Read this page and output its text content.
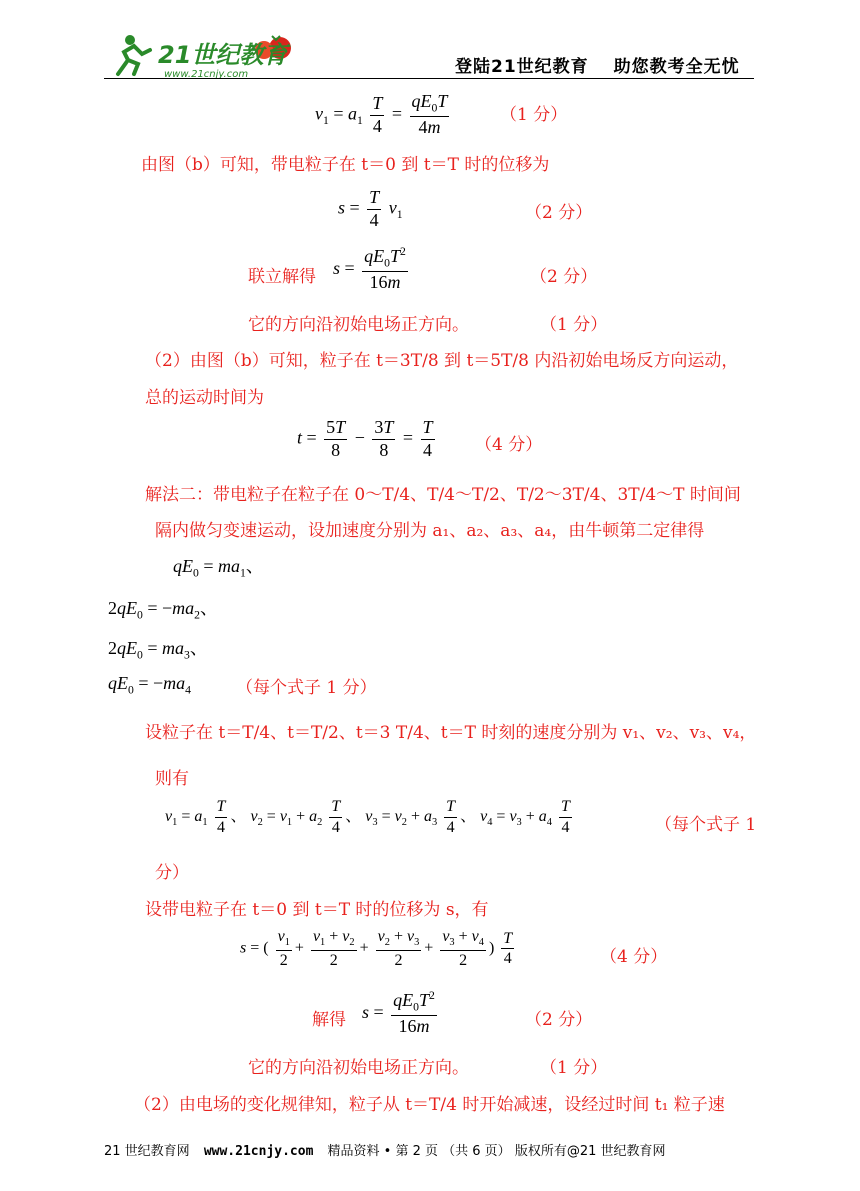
21世纪教育
www.21cnjy.com	登陆21世纪教育　 助您教考全无忧
$v_1 = a_1 \frac{T}{4} = \frac{qE_0T}{4m}$	（1 分）
由图（b）可知，带电粒子在 t＝0 到 t＝T 时的位移为
$s = \frac{T}{4} v_1$	（2 分）
联立解得 $s = \frac{qE_0T^2}{16m}$	（2 分）
它的方向沿初始电场正方向。	（1 分）
（2）由图（b）可知，粒子在 t＝3T/8 到 t＝5T/8 内沿初始电场反方向运动，
总的运动时间为
$t = \frac{5T}{8} - \frac{3T}{8} = \frac{T}{4} (4$ 分）
解法二：带电粒子在粒子在 0～T/4、T/4～T/2、T/2～3T/4、3T/4～T 时间间
隔内做匀变速运动，设加速度分别为 a₁、a₂、a₃、a₄，由牛顿第二定律得
$qE_0 = ma_1$、
$2qE_0 = -ma_2$、
$2qE_0 = ma_3$、
$qE_0 = -ma_4$	（每个式子 1 分）
设粒子在 t＝T/4、t＝T/2、t＝3 T/4、t＝T 时刻的速度分别为 v₁、v₂、v₃、v₄，
则有
$v_1 = a_1 \frac{T}{4}$ 、 $v_2 = v_1 + a_2 \frac{T}{4}$ 、 $v_3 = v_2 + a_3 \frac{T}{4}$ 、 $v_4 = v_3 + a_4 \frac{T}{4}$	（每个式子 1
分）
设带电粒子在 t＝0 到 t＝T 时的位移为 s，有
s = ( $\frac{v_1}{2} + \frac{v_1 + v_2}{2} + \frac{v_2 + v_3}{2} + \frac{v_3 + v_4}{2}$ ) $\frac{T}{4}$	（4 分）
解得 $s = \frac{qE_0T^2}{16m}$	（2 分）
它的方向沿初始电场正方向。	（1 分）
（2）由电场的变化规律知，粒子从 t＝T/4 时开始减速，设经过时间 t₁ 粒子速
21 世纪教育网 www.21cnjy.com 精品资料 • 第 2 页 （共 6 页） 版权所有@21 世纪教育网
